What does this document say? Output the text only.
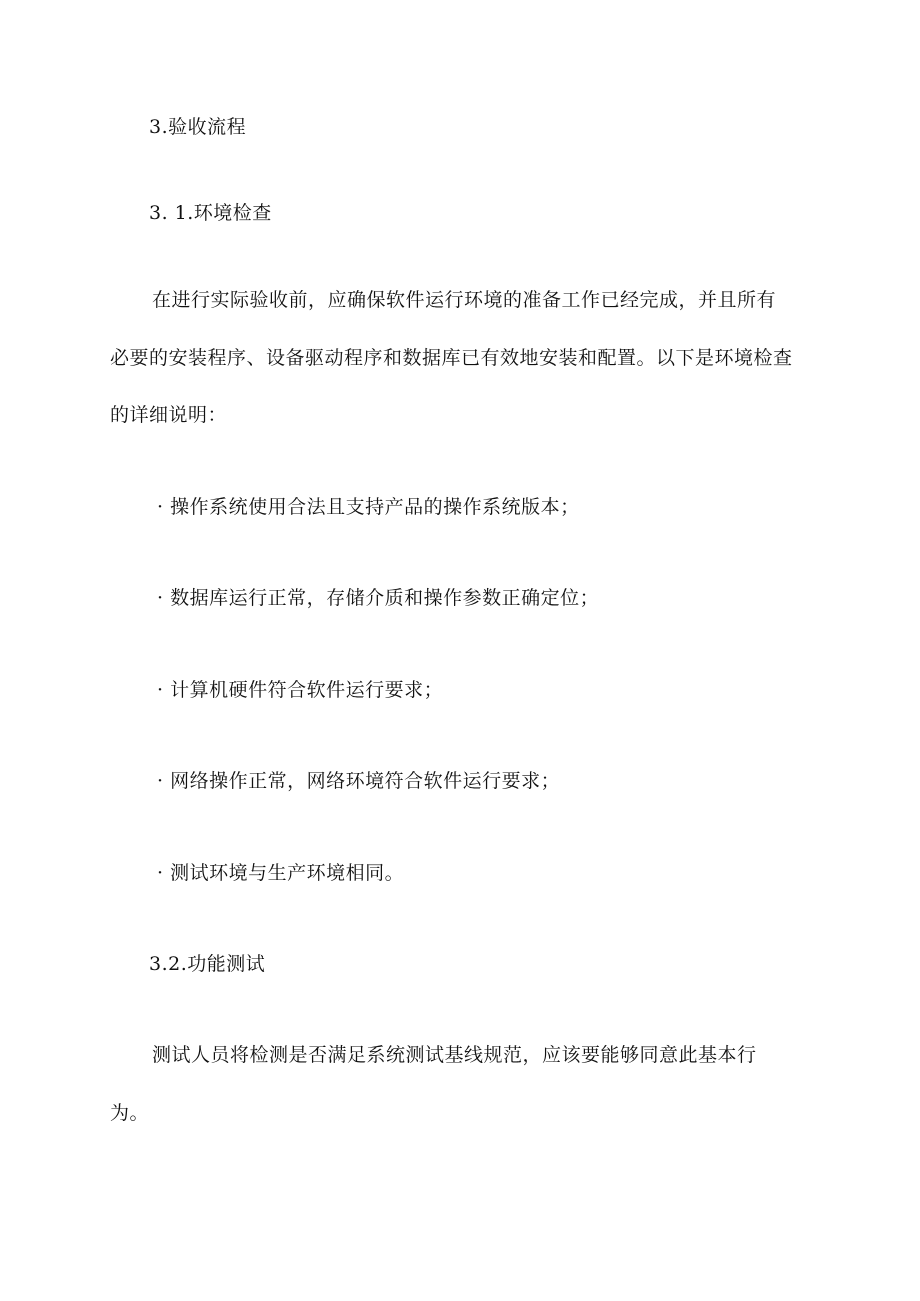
3.验收流程
3. 1.环境检查
在进行实际验收前，应确保软件运行环境的准备工作已经完成，并且所有
必要的安装程序、设备驱动程序和数据库已有效地安装和配置。以下是环境检查
的详细说明：
· 操作系统使用合法且支持产品的操作系统版本；
· 数据库运行正常，存储介质和操作参数正确定位；
· 计算机硬件符合软件运行要求；
· 网络操作正常，网络环境符合软件运行要求；
· 测试环境与生产环境相同。
3.2.功能测试
测试人员将检测是否满足系统测试基线规范，应该要能够同意此基本行
为。
